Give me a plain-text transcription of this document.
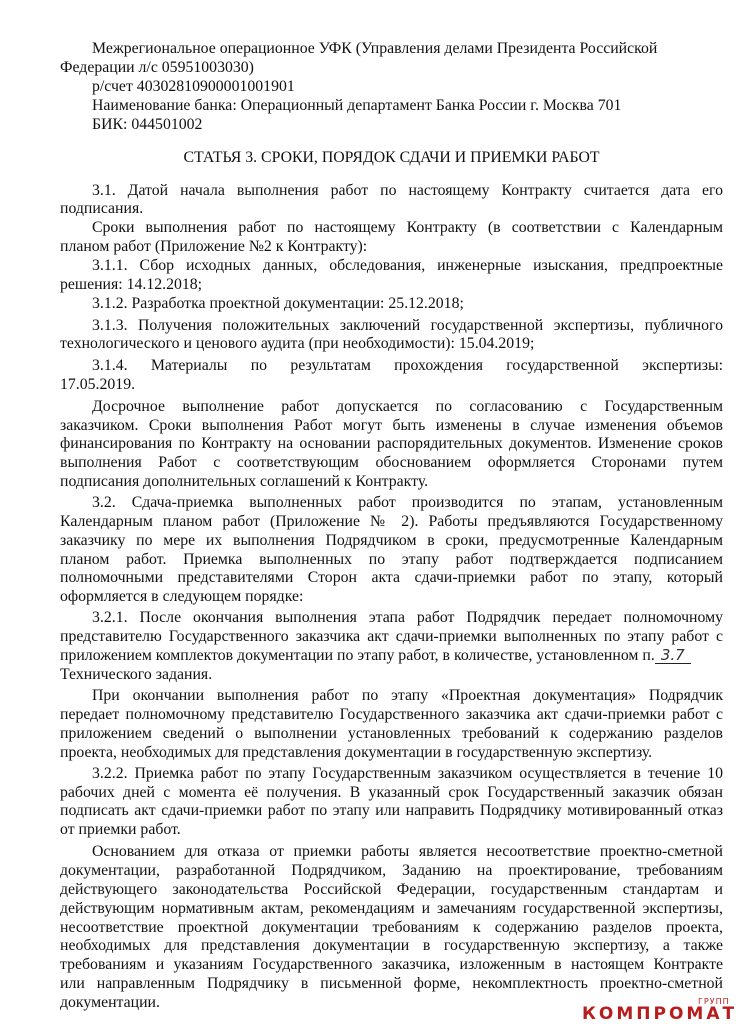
Межрегиональное операционное УФК (Управления делами Президента Российской
Федерации л/с 05951003030)
р/счет 40302810900001001901
Наименование банка: Операционный департамент Банка России г. Москва 701
БИК: 044501002
СТАТЬЯ 3. СРОКИ, ПОРЯДОК СДАЧИ И ПРИЕМКИ РАБОТ
3.1. Датой начала выполнения работ по настоящему Контракту считается дата его
подписания.
Сроки выполнения работ по настоящему Контракту (в соответствии с Календарным
планом работ (Приложение №2 к Контракту):
3.1.1. Сбор исходных данных, обследования, инженерные изыскания, предпроектные
решения: 14.12.2018;
3.1.2. Разработка проектной документации: 25.12.2018;
3.1.3. Получения положительных заключений государственной экспертизы, публичного
технологического и ценового аудита (при необходимости): 15.04.2019;
3.1.4. Материалы по результатам прохождения государственной экспертизы:
17.05.2019.
Досрочное выполнение работ допускается по согласованию с Государственным
заказчиком. Сроки выполнения Работ могут быть изменены в случае изменения объемов
финансирования по Контракту на основании распорядительных документов. Изменение сроков
выполнения Работ с соответствующим обоснованием оформляется Сторонами путем
подписания дополнительных соглашений к Контракту.
3.2. Сдача-приемка выполненных работ производится по этапам, установленным
Календарным планом работ (Приложение № 2). Работы предъявляются Государственному
заказчику по мере их выполнения Подрядчиком в сроки, предусмотренные Календарным
планом работ. Приемка выполненных по этапу работ подтверждается подписанием
полномочными представителями Сторон акта сдачи-приемки работ по этапу, который
оформляется в следующем порядке:
3.2.1. После окончания выполнения этапа работ Подрядчик передает полномочному
представителю Государственного заказчика акт сдачи-приемки выполненных по этапу работ с
приложением комплектов документации по этапу работ, в количестве, установленном п. 3.7
Технического задания.
При окончании выполнения работ по этапу «Проектная документация» Подрядчик
передает полномочному представителю Государственного заказчика акт сдачи-приемки работ с
приложением сведений о выполнении установленных требований к содержанию разделов
проекта, необходимых для представления документации в государственную экспертизу.
3.2.2. Приемка работ по этапу Государственным заказчиком осуществляется в течение 10
рабочих дней с момента её получения. В указанный срок Государственный заказчик обязан
подписать акт сдачи-приемки работ по этапу или направить Подрядчику мотивированный отказ
от приемки работ.
Основанием для отказа от приемки работы является несоответствие проектно-сметной
документации, разработанной Подрядчиком, Заданию на проектирование, требованиям
действующего законодательства Российской Федерации, государственным стандартам и
действующим нормативным актам, рекомендациям и замечаниям государственной экспертизы,
несоответствие проектной документации требованиям к содержанию разделов проекта,
необходимых для представления документации в государственную экспертизу, а также
требованиям и указаниям Государственного заказчика, изложенным в настоящем Контракте
или направленным Подрядчику в письменной форме, некомплектность проектно-сметной
документации.	ГРУПП
КОМПРОМАТ
